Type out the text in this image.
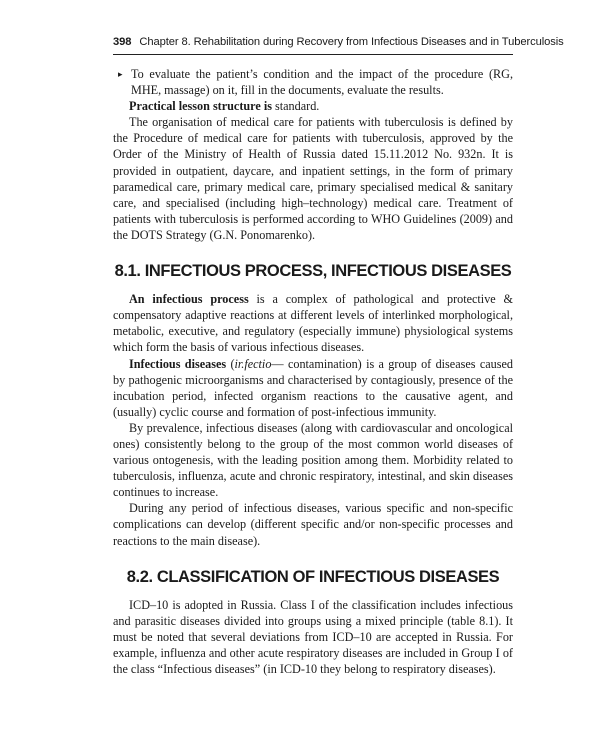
398 Chapter 8. Rehabilitation during Recovery from Infectious Diseases and in Tuberculosis
▸ To evaluate the patient’s condition and the impact of the procedure (RG, MHE, massage) on it, fill in the documents, evaluate the results.

Practical lesson structure is standard.

The organisation of medical care for patients with tuberculosis is defined by the Procedure of medical care for patients with tuberculosis, approved by the Order of the Ministry of Health of Russia dated 15.11.2012 No. 932n. It is provided in outpatient, daycare, and inpatient settings, in the form of primary paramedical care, primary medical care, primary specialised medical & sanitary care, and specialised (including high–technology) medical care. Treatment of patients with tuberculosis is performed according to WHO Guidelines (2009) and the DOTS Strategy (G.N. Ponomarenko).

8.1. INFECTIOUS PROCESS, INFECTIOUS DISEASES

An infectious process is a complex of pathological and protective & compensatory adaptive reactions at different levels of interlinked morphological, metabolic, executive, and regulatory (especially immune) physiological systems which form the basis of various infectious diseases.

Infectious diseases (ir.fectio— contamination) is a group of diseases caused by pathogenic microorganisms and characterised by contagiously, presence of the incubation period, infected organism reactions to the causative agent, and (usually) cyclic course and formation of post-infectious immunity.

By prevalence, infectious diseases (along with cardiovascular and oncological ones) consistently belong to the group of the most common world diseases of various ontogenesis, with the leading position among them. Morbidity related to tuberculosis, influenza, acute and chronic respiratory, intestinal, and skin diseases continues to increase.

During any period of infectious diseases, various specific and non-specific complications can develop (different specific and/or non-specific processes and reactions to the main disease).

8.2. CLASSIFICATION OF INFECTIOUS DISEASES

ICD–10 is adopted in Russia. Class I of the classification includes infectious and parasitic diseases divided into groups using a mixed principle (table 8.1). It must be noted that several deviations from ICD–10 are accepted in Russia. For example, influenza and other acute respiratory diseases are included in Group I of the class “Infectious diseases” (in ICD-10 they belong to respiratory diseases).
